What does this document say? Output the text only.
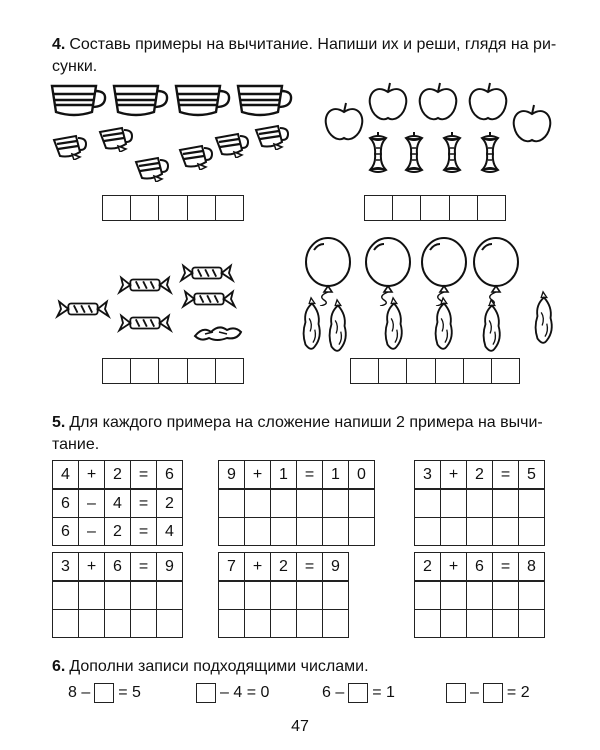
4. Составь примеры на вычитание. Напиши их и реши, глядя на ри-
сунки.
5. Для каждого примера на сложение напиши 2 примера на вычи-
тание.
4	+	2	=	6
6	–	4	=	2
6	–	2	=	4
9	+	1	=	1	0

						3	+	2	=	5

3	+	6	=	9

					7	+	2	=	9

					2	+	6	=	8

6. Дополни записи подходящими числами.
8 – = 5	– 4 = 0	6 – = 1	– = 2
47
